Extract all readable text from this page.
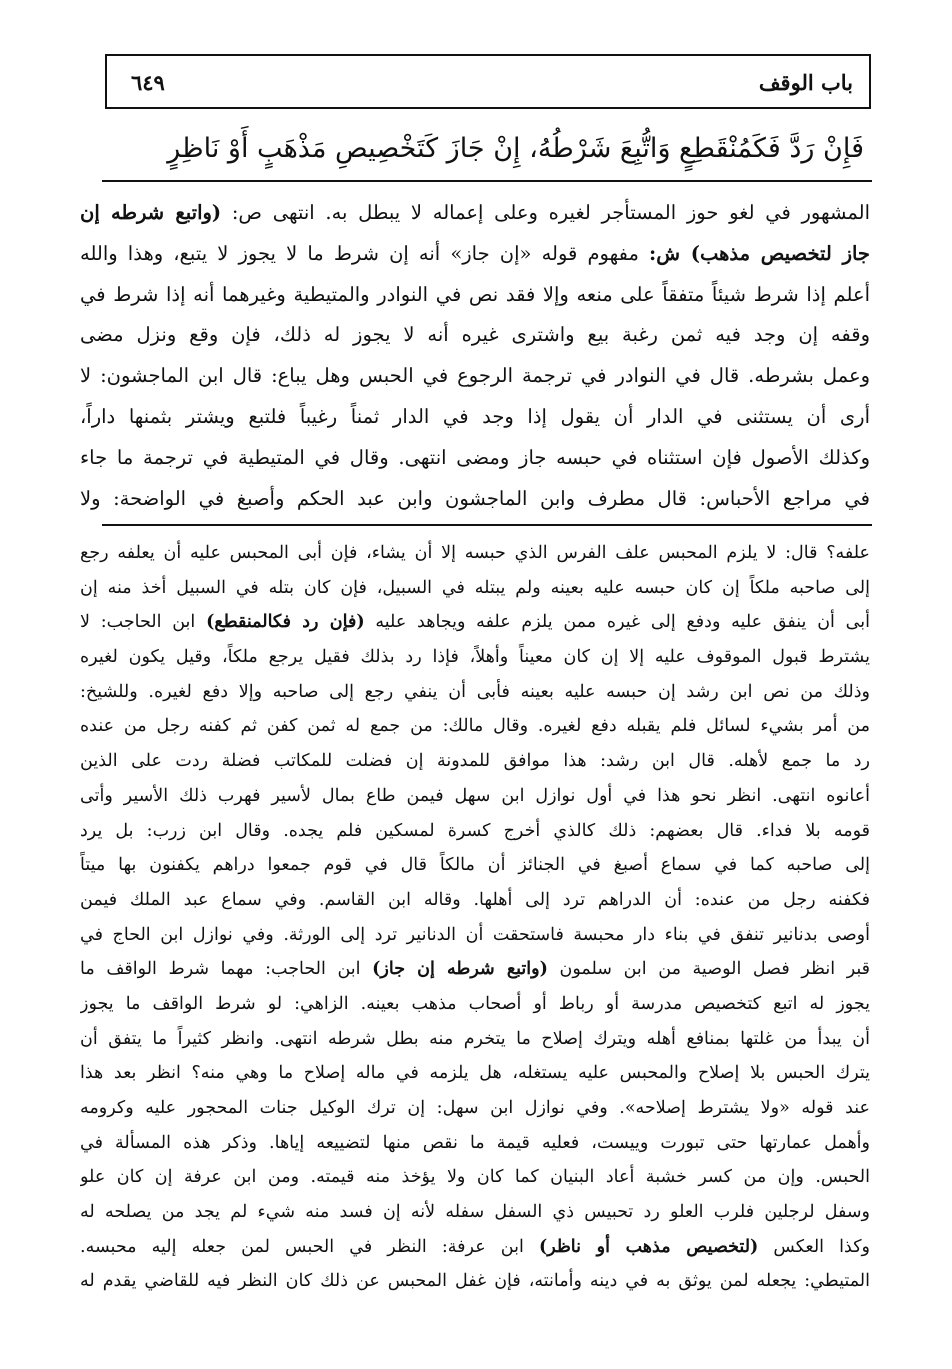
باب الوقف
٦٤٩
فَإِنْ رَدَّ فَكَمُنْقَطِعٍ وَاتُّبِعَ شَرْطُهُ، إِنْ جَازَ كَتَخْصِيصِ مَذْهَبٍ أَوْ نَاظِرٍ
المشهور في لغو حوز المستأجر لغيره وعلى إعماله لا يبطل به. انتهى ص: (واتبع شرطه إن
جاز لتخصيص مذهب) ش: مفهوم قوله «إن جاز» أنه إن شرط ما لا يجوز لا يتبع، وهذا والله
أعلم إذا شرط شيئاً متفقاً على منعه وإلا فقد نص في النوادر والمتيطية وغيرهما أنه إذا شرط في
وقفه إن وجد فيه ثمن رغبة بيع واشترى غيره أنه لا يجوز له ذلك، فإن وقع ونزل مضى
وعمل بشرطه. قال في النوادر في ترجمة الرجوع في الحبس وهل يباع: قال ابن الماجشون: لا
أرى أن يستثنى في الدار أن يقول إذا وجد في الدار ثمناً رغيباً فلتبع ويشتر بثمنها داراً،
وكذلك الأصول فإن استثناه في حبسه جاز ومضى انتهى. وقال في المتيطية في ترجمة ما جاء
في مراجع الأحباس: قال مطرف وابن الماجشون وابن عبد الحكم وأصبغ في الواضحة: ولا
علفه؟ قال: لا يلزم المحبس علف الفرس الذي حبسه إلا أن يشاء، فإن أبى المحبس عليه أن يعلفه رجع
إلى صاحبه ملكاً إن كان حبسه عليه بعينه ولم يبتله في السبيل، فإن كان بتله في السبيل أخذ منه إن
أبى أن ينفق عليه ودفع إلى غيره ممن يلزم علفه ويجاهد عليه (فإن رد فكالمنقطع) ابن الحاجب: لا
يشترط قبول الموقوف عليه إلا إن كان معيناً وأهلاً، فإذا رد بذلك فقيل يرجع ملكاً، وقيل يكون لغيره
وذلك من نص ابن رشد إن حبسه عليه بعينه فأبى أن ينفي رجع إلى صاحبه وإلا دفع لغيره. وللشيخ:
من أمر بشيء لسائل فلم يقبله دفع لغيره. وقال مالك: من جمع له ثمن كفن ثم كفنه رجل من عنده
رد ما جمع لأهله. قال ابن رشد: هذا موافق للمدونة إن فضلت للمكاتب فضلة ردت على الذين
أعانوه انتهى. انظر نحو هذا في أول نوازل ابن سهل فيمن طاع بمال لأسير فهرب ذلك الأسير وأتى
قومه بلا فداء. قال بعضهم: ذلك كالذي أخرج كسرة لمسكين فلم يجده. وقال ابن زرب: بل يرد
إلى صاحبه كما في سماع أصبغ في الجنائز أن مالكاً قال في قوم جمعوا دراهم يكفنون بها ميتاً
فكفنه رجل من عنده: أن الدراهم ترد إلى أهلها. وقاله ابن القاسم. وفي سماع عبد الملك فيمن
أوصى بدنانير تنفق في بناء دار محبسة فاستحقت أن الدنانير ترد إلى الورثة. وفي نوازل ابن الحاج في
قبر انظر فصل الوصية من ابن سلمون (واتبع شرطه إن جاز) ابن الحاجب: مهما شرط الواقف ما
يجوز له اتبع كتخصيص مدرسة أو رباط أو أصحاب مذهب بعينه. الزاهي: لو شرط الواقف ما يجوز
أن يبدأ من غلتها بمنافع أهله ويترك إصلاح ما يتخرم منه بطل شرطه انتهى. وانظر كثيراً ما يتفق أن
يترك الحبس بلا إصلاح والمحبس عليه يستغله، هل يلزمه في ماله إصلاح ما وهي منه؟ انظر بعد هذا
عند قوله «ولا يشترط إصلاحه». وفي نوازل ابن سهل: إن ترك الوكيل جنات المحجور عليه وكرومه
وأهمل عمارتها حتى تبورت وييست، فعليه قيمة ما نقص منها لتضييعه إياها. وذكر هذه المسألة في
الحبس. وإن من كسر خشبة أعاد البنيان كما كان ولا يؤخذ منه قيمته. ومن ابن عرفة إن كان علو
وسفل لرجلين فلرب العلو رد تحبيس ذي السفل سفله لأنه إن فسد منه شيء لم يجد من يصلحه له
وكذا العكس (لتخصيص مذهب أو ناظر) ابن عرفة: النظر في الحبس لمن جعله إليه محبسه.
المتيطي: يجعله لمن يوثق به في دينه وأمانته، فإن غفل المحبس عن ذلك كان النظر فيه للقاضي يقدم له
